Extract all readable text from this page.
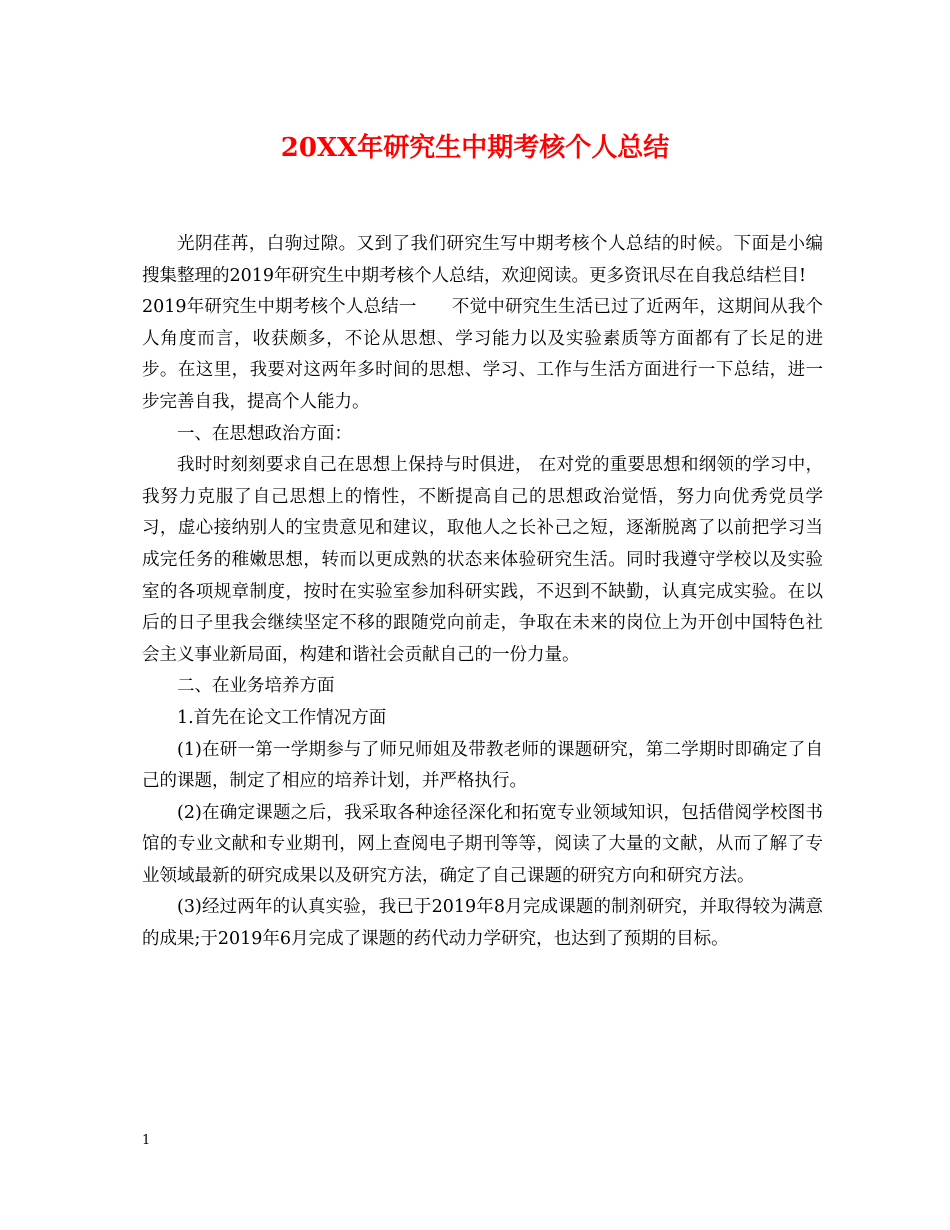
20XX年研究生中期考核个人总结

光阴荏苒，白驹过隙。又到了我们研究生写中期考核个人总结的时候。下面是小编搜集整理的2019年研究生中期考核个人总结，欢迎阅读。更多资讯尽在自我总结栏目!

2019年研究生中期考核个人总结一　　不觉中研究生生活已过了近两年，这期间从我个人角度而言，收获颇多，不论从思想、学习能力以及实验素质等方面都有了长足的进步。在这里，我要对这两年多时间的思想、学习、工作与生活方面进行一下总结，进一步完善自我，提高个人能力。

一、在思想政治方面：

我时时刻刻要求自己在思想上保持与时俱进， 在对党的重要思想和纲领的学习中，我努力克服了自己思想上的惰性，不断提高自己的思想政治觉悟，努力向优秀党员学习，虚心接纳别人的宝贵意见和建议，取他人之长补己之短，逐渐脱离了以前把学习当成完任务的稚嫩思想，转而以更成熟的状态来体验研究生活。同时我遵守学校以及实验室的各项规章制度，按时在实验室参加科研实践，不迟到不缺勤，认真完成实验。在以后的日子里我会继续坚定不移的跟随党向前走，争取在未来的岗位上为开创中国特色社会主义事业新局面，构建和谐社会贡献自己的一份力量。

二、在业务培养方面

1.首先在论文工作情况方面

(1)在研一第一学期参与了师兄师姐及带教老师的课题研究，第二学期时即确定了自己的课题，制定了相应的培养计划，并严格执行。

(2)在确定课题之后，我采取各种途径深化和拓宽专业领域知识，包括借阅学校图书馆的专业文献和专业期刊，网上查阅电子期刊等等，阅读了大量的文献，从而了解了专业领域最新的研究成果以及研究方法，确定了自己课题的研究方向和研究方法。

(3)经过两年的认真实验，我已于2019年8月完成课题的制剂研究，并取得较为满意的成果;于2019年6月完成了课题的药代动力学研究，也达到了预期的目标。

1
